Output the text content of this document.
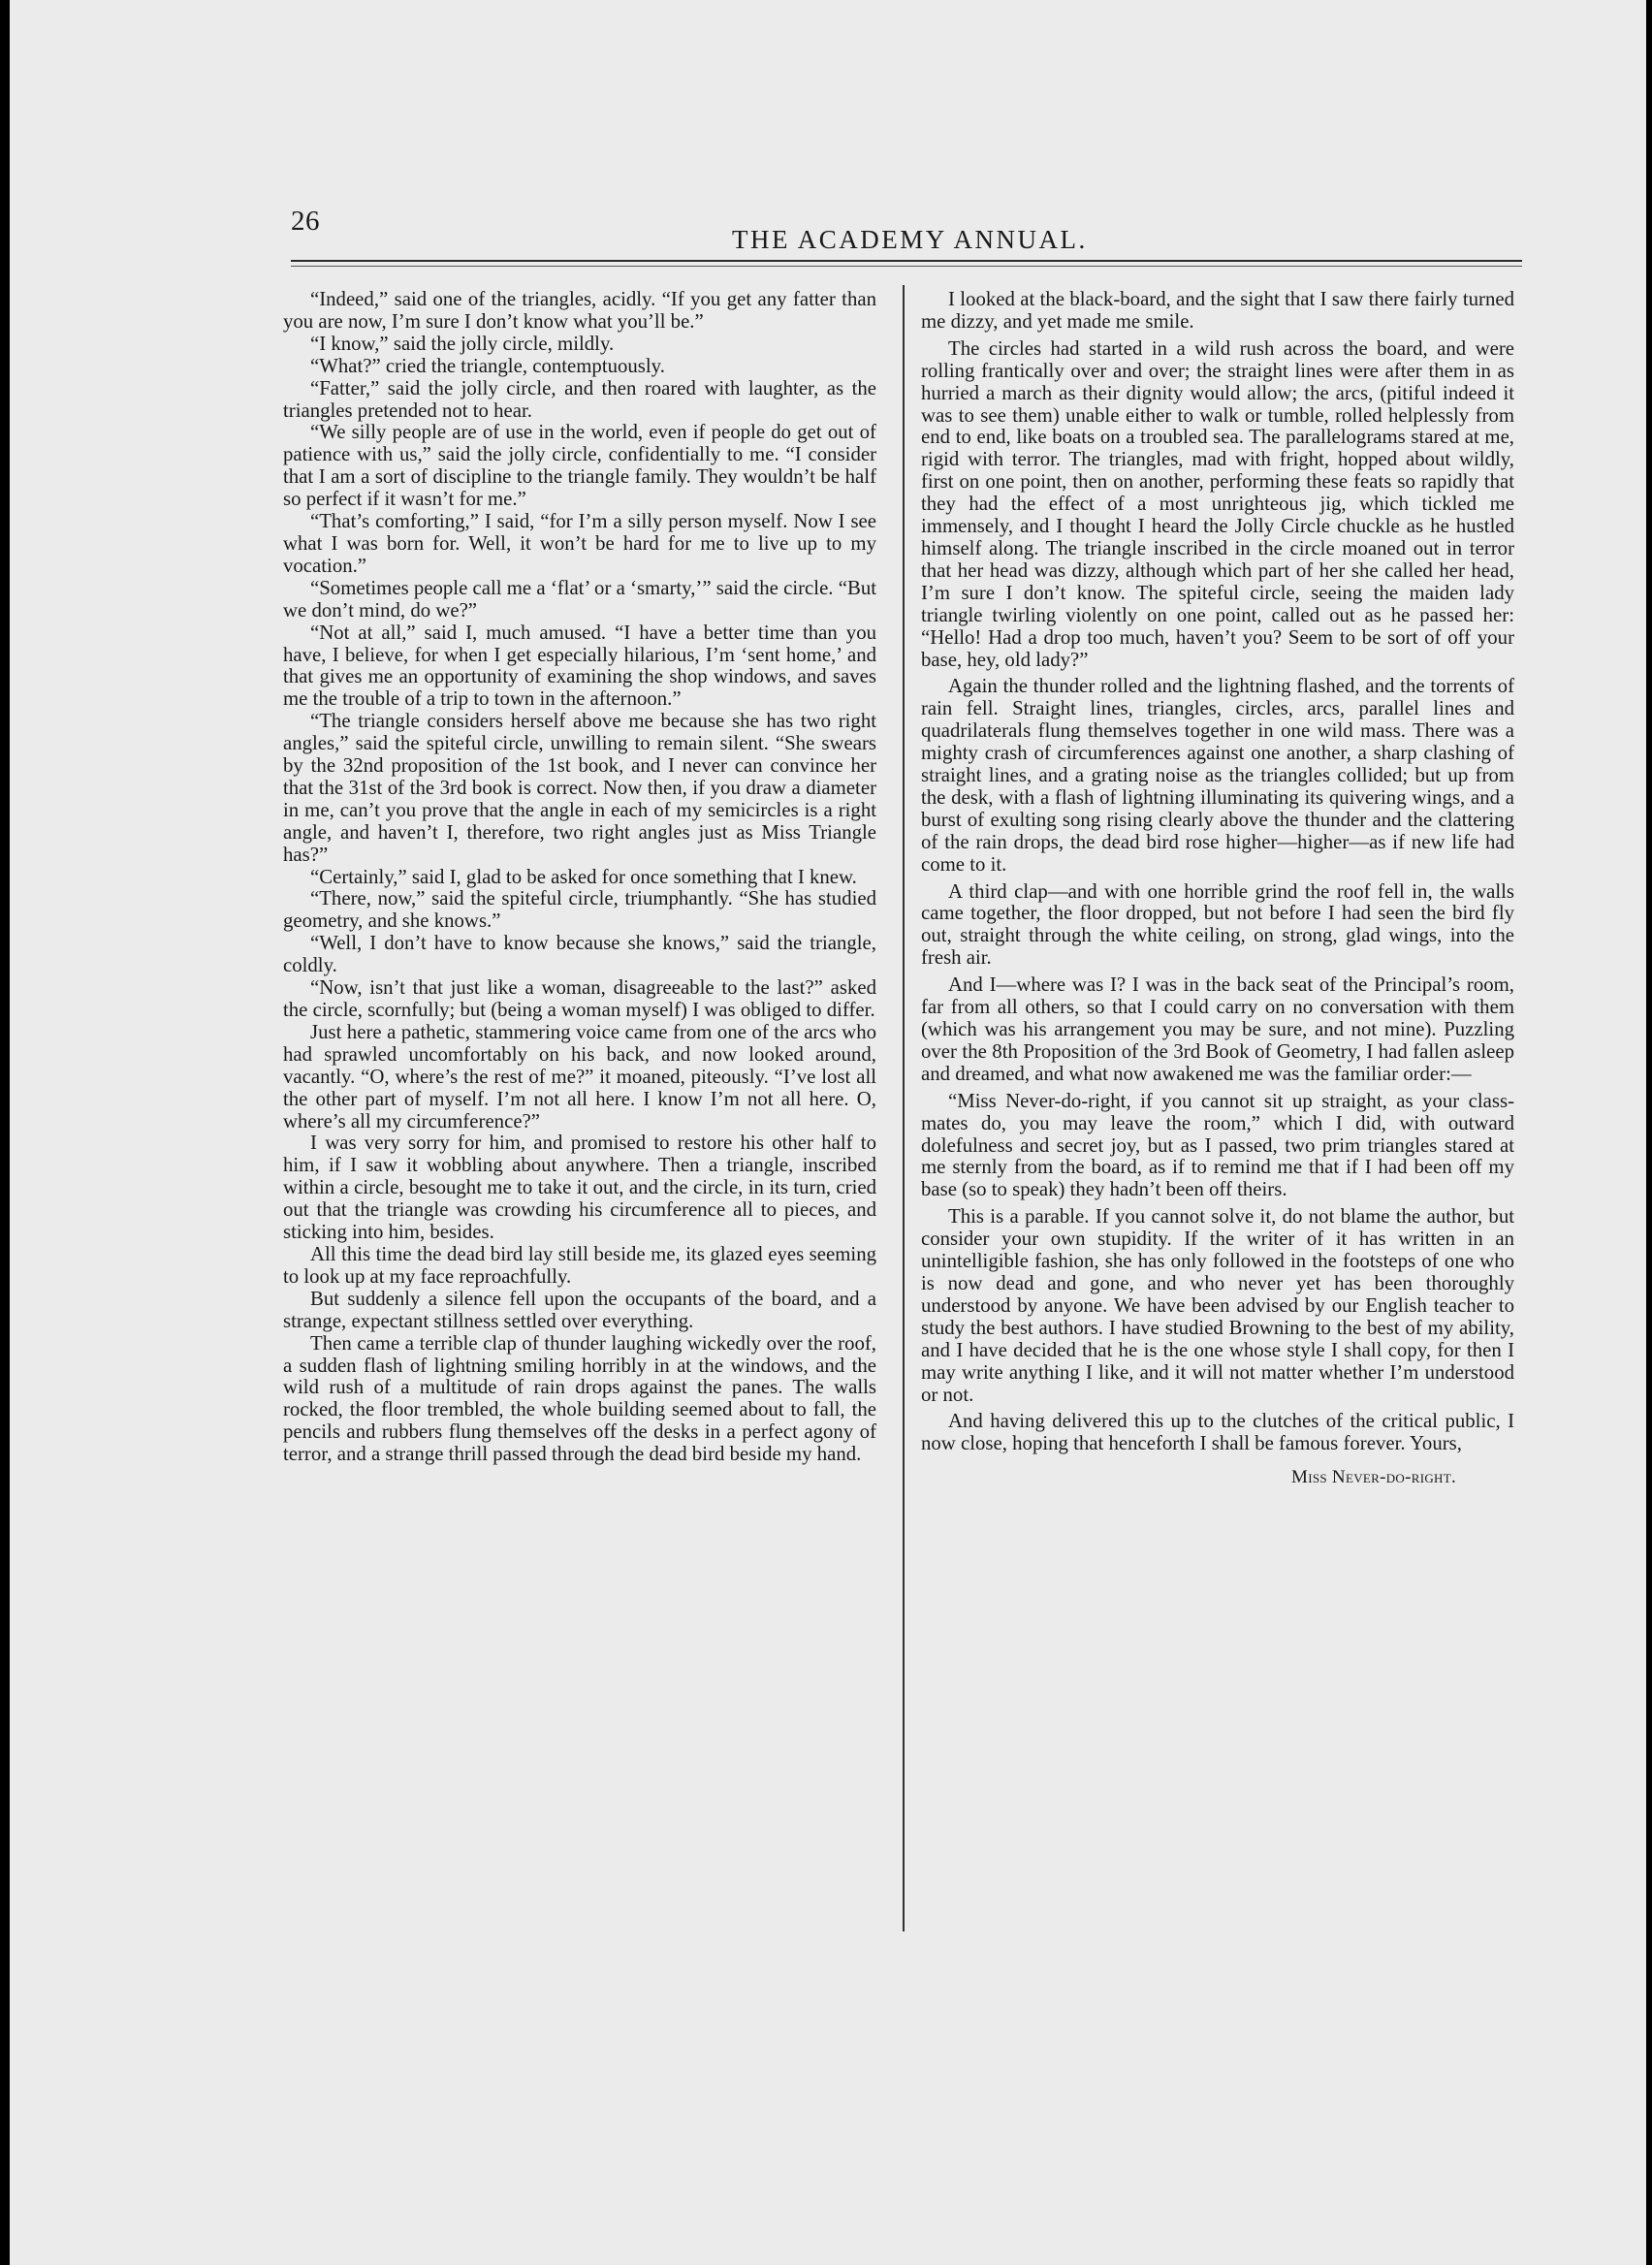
26
THE ACADEMY ANNUAL.

“Indeed,” said one of the triangles, acidly. “If you get any fatter than you are now, I’m sure I don’t know what you’ll be.”

“I know,” said the jolly circle, mildly.

“What?” cried the triangle, contemptuously.

“Fatter,” said the jolly circle, and then roared with laughter, as the triangles pretended not to hear.

“We silly people are of use in the world, even if people do get out of patience with us,” said the jolly circle, confidentially to me. “I consider that I am a sort of discipline to the triangle family. They wouldn’t be half so perfect if it wasn’t for me.”

“That’s comforting,” I said, “for I’m a silly person myself. Now I see what I was born for. Well, it won’t be hard for me to live up to my vocation.”

“Sometimes people call me a ‘flat’ or a ‘smarty,’” said the circle. “But we don’t mind, do we?”

“Not at all,” said I, much amused. “I have a better time than you have, I believe, for when I get especially hilarious, I’m ‘sent home,’ and that gives me an opportunity of examining the shop windows, and saves me the trouble of a trip to town in the afternoon.”

“The triangle considers herself above me because she has two right angles,” said the spiteful circle, unwilling to remain silent. “She swears by the 32nd proposition of the 1st book, and I never can convince her that the 31st of the 3rd book is correct. Now then, if you draw a diameter in me, can’t you prove that the angle in each of my semicircles is a right angle, and haven’t I, therefore, two right angles just as Miss Triangle has?”

“Certainly,” said I, glad to be asked for once something that I knew.

“There, now,” said the spiteful circle, triumphantly. “She has studied geometry, and she knows.”

“Well, I don’t have to know because she knows,” said the triangle, coldly.

“Now, isn’t that just like a woman, disagreeable to the last?” asked the circle, scornfully; but (being a woman myself) I was obliged to differ.

Just here a pathetic, stammering voice came from one of the arcs who had sprawled uncomfortably on his back, and now looked around, vacantly. “O, where’s the rest of me?” it moaned, piteously. “I’ve lost all the other part of myself. I’m not all here. I know I’m not all here. O, where’s all my circumference?”

I was very sorry for him, and promised to restore his other half to him, if I saw it wobbling about anywhere. Then a triangle, inscribed within a circle, besought me to take it out, and the circle, in its turn, cried out that the triangle was crowding his circumference all to pieces, and sticking into him, besides.

All this time the dead bird lay still beside me, its glazed eyes seeming to look up at my face reproachfully.

But suddenly a silence fell upon the occupants of the board, and a strange, expectant stillness settled over everything.

Then came a terrible clap of thunder laughing wickedly over the roof, a sudden flash of lightning smiling horribly in at the windows, and the wild rush of a multitude of rain drops against the panes. The walls rocked, the floor trembled, the whole building seemed about to fall, the pencils and rubbers flung themselves off the desks in a perfect agony of terror, and a strange thrill passed through the dead bird beside my hand.

I looked at the black-board, and the sight that I saw there fairly turned me dizzy, and yet made me smile.

The circles had started in a wild rush across the board, and were rolling frantically over and over; the straight lines were after them in as hurried a march as their dignity would allow; the arcs, (pitiful indeed it was to see them) unable either to walk or tumble, rolled helplessly from end to end, like boats on a troubled sea. The parallelograms stared at me, rigid with terror. The triangles, mad with fright, hopped about wildly, first on one point, then on another, performing these feats so rapidly that they had the effect of a most unrighteous jig, which tickled me immensely, and I thought I heard the Jolly Circle chuckle as he hustled himself along. The triangle inscribed in the circle moaned out in terror that her head was dizzy, although which part of her she called her head, I’m sure I don’t know. The spiteful circle, seeing the maiden lady triangle twirling violently on one point, called out as he passed her: “Hello! Had a drop too much, haven’t you? Seem to be sort of off your base, hey, old lady?”

Again the thunder rolled and the lightning flashed, and the torrents of rain fell. Straight lines, triangles, circles, arcs, parallel lines and quadrilaterals flung themselves together in one wild mass. There was a mighty crash of circumferences against one another, a sharp clashing of straight lines, and a grating noise as the triangles collided; but up from the desk, with a flash of lightning illuminating its quivering wings, and a burst of exulting song rising clearly above the thunder and the clattering of the rain drops, the dead bird rose higher—higher—as if new life had come to it.

A third clap—and with one horrible grind the roof fell in, the walls came together, the floor dropped, but not before I had seen the bird fly out, straight through the white ceiling, on strong, glad wings, into the fresh air.

And I—where was I? I was in the back seat of the Principal’s room, far from all others, so that I could carry on no conversation with them (which was his arrangement you may be sure, and not mine). Puzzling over the 8th Proposition of the 3rd Book of Geometry, I had fallen asleep and dreamed, and what now awakened me was the familiar order:—

“Miss Never-do-right, if you cannot sit up straight, as your class-mates do, you may leave the room,” which I did, with outward dolefulness and secret joy, but as I passed, two prim triangles stared at me sternly from the board, as if to remind me that if I had been off my base (so to speak) they hadn’t been off theirs.

This is a parable. If you cannot solve it, do not blame the author, but consider your own stupidity. If the writer of it has written in an unintelligible fashion, she has only followed in the footsteps of one who is now dead and gone, and who never yet has been thoroughly understood by anyone. We have been advised by our English teacher to study the best authors. I have studied Browning to the best of my ability, and I have decided that he is the one whose style I shall copy, for then I may write anything I like, and it will not matter whether I’m understood or not.

And having delivered this up to the clutches of the critical public, I now close, hoping that henceforth I shall be famous forever. Yours,

Miss Never-do-right.
